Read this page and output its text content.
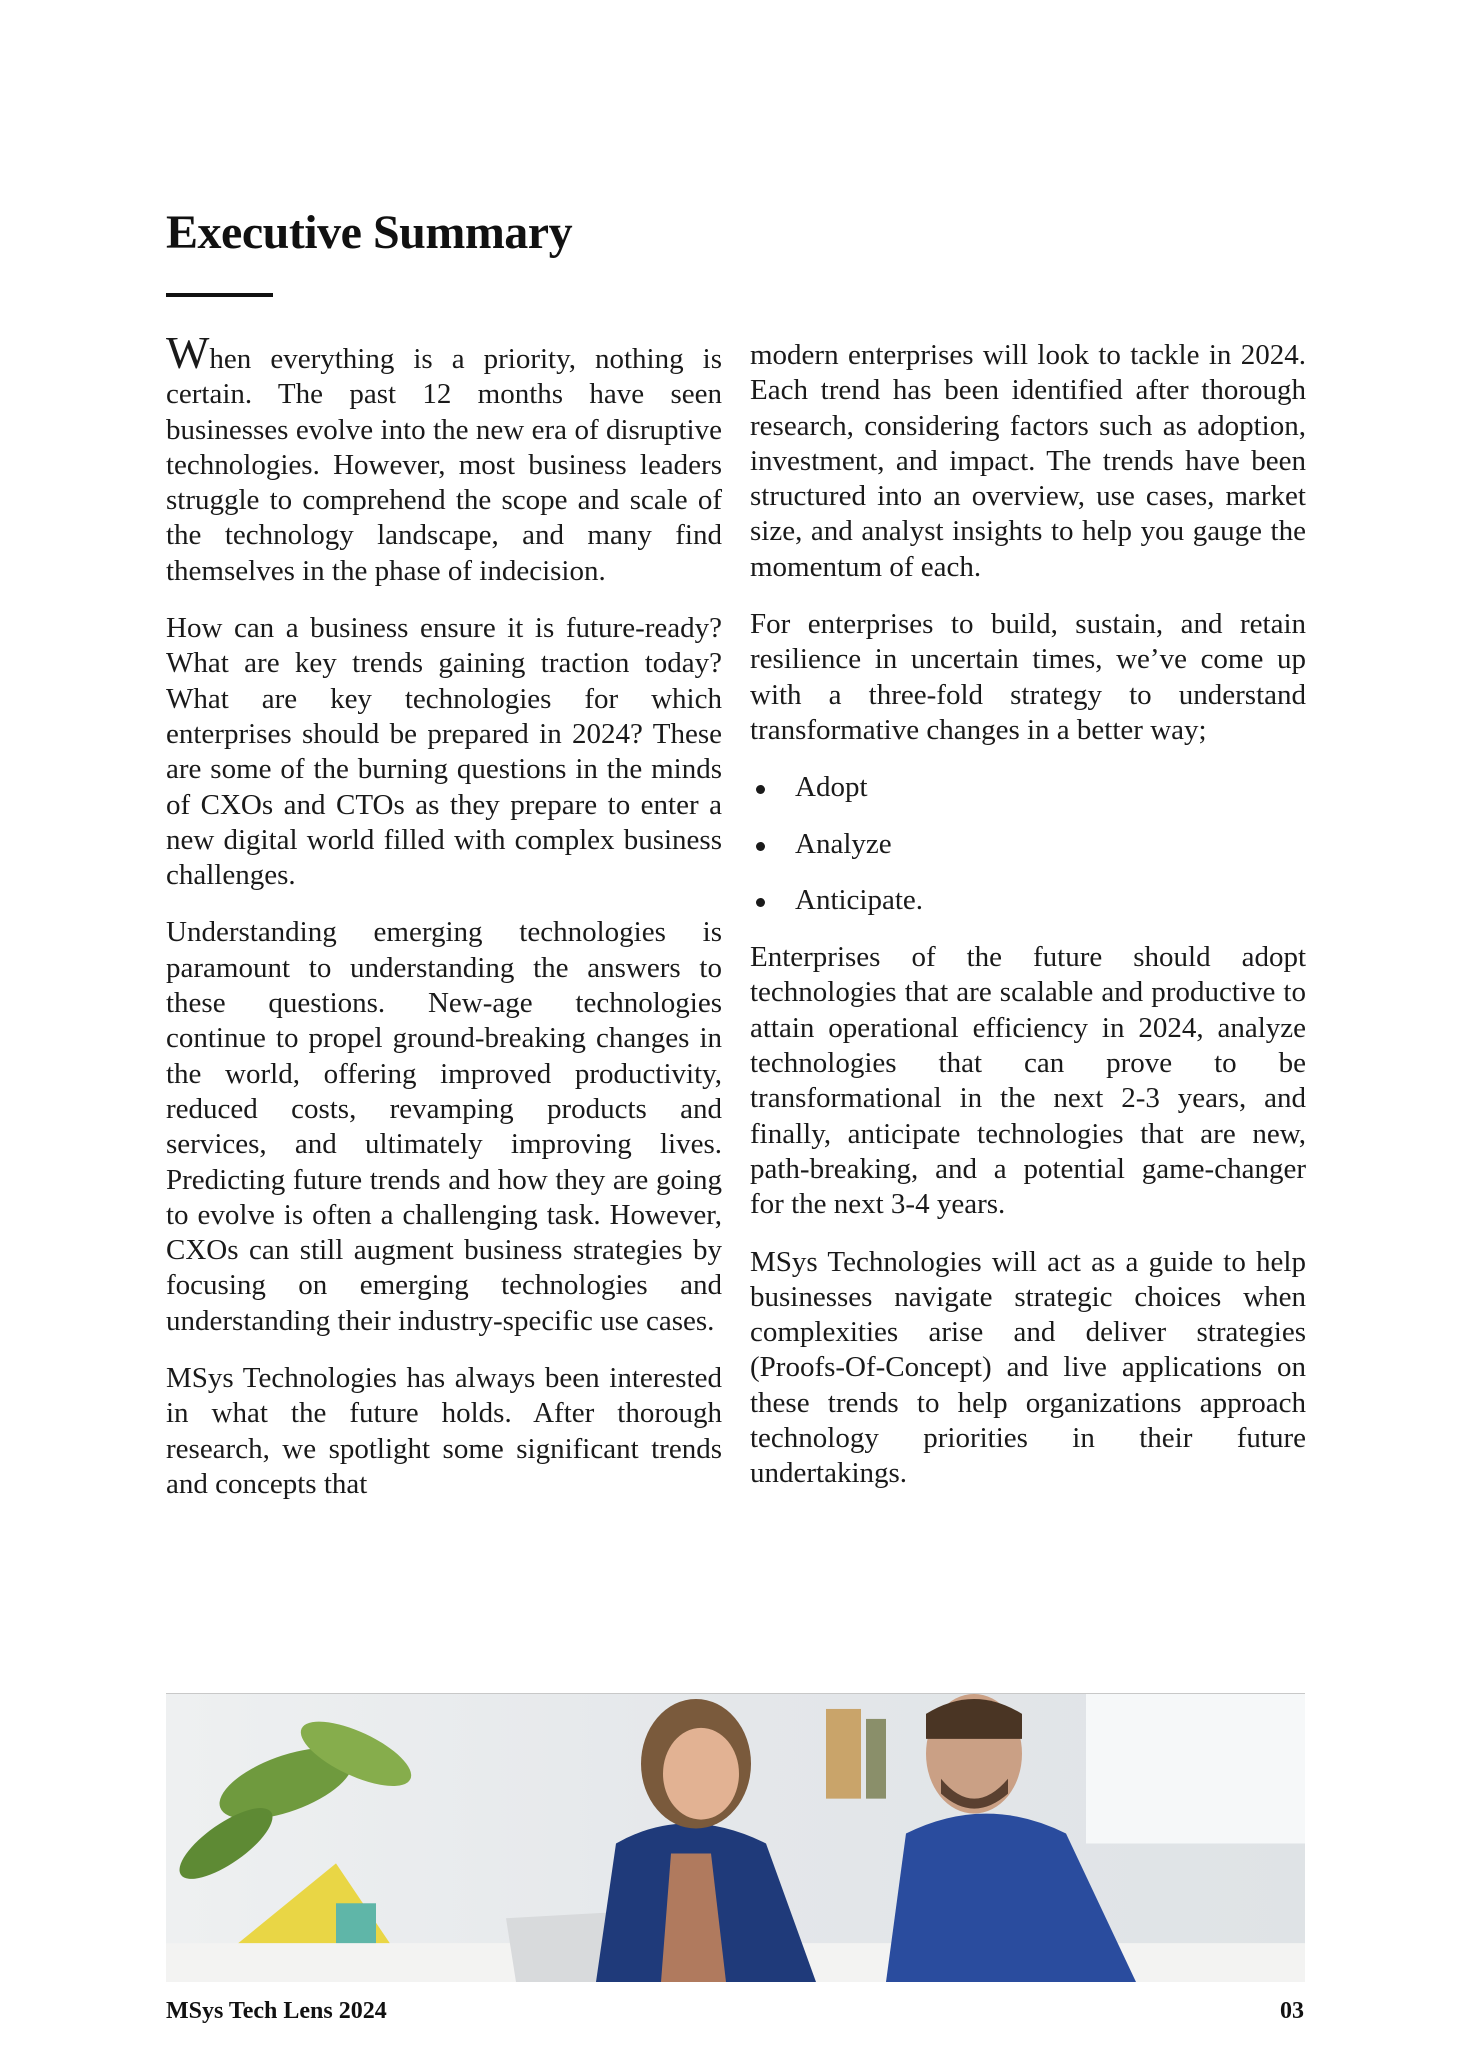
Executive Summary

When everything is a priority, nothing is certain. The past 12 months have seen businesses evolve into the new era of disruptive technologies. However, most business leaders struggle to comprehend the scope and scale of the technology landscape, and many find themselves in the phase of indecision.

How can a business ensure it is future-ready? What are key trends gaining traction today? What are key technologies for which enterprises should be prepared in 2024? These are some of the burning questions in the minds of CXOs and CTOs as they prepare to enter a new digital world filled with complex business challenges.

Understanding emerging technologies is paramount to understanding the answers to these questions. New-age technologies continue to propel ground-breaking changes in the world, offering improved productivity, reduced costs, revamping products and services, and ultimately improving lives. Predicting future trends and how they are going to evolve is often a challenging task. However, CXOs can still augment business strategies by focusing on emerging technologies and understanding their industry-specific use cases.

MSys Technologies has always been interested in what the future holds. After thorough research, we spotlight some significant trends and concepts that

modern enterprises will look to tackle in 2024. Each trend has been identified after thorough research, considering factors such as adoption, investment, and impact. The trends have been structured into an overview, use cases, market size, and analyst insights to help you gauge the momentum of each.

For enterprises to build, sustain, and retain resilience in uncertain times, we’ve come up with a three-fold strategy to understand transformative changes in a better way;

Adopt
Analyze
Anticipate.

Enterprises of the future should adopt technologies that are scalable and productive to attain operational efficiency in 2024, analyze technologies that can prove to be transformational in the next 2-3 years, and finally, anticipate technologies that are new, path-breaking, and a potential game-changer for the next 3-4 years.

MSys Technologies will act as a guide to help businesses navigate strategic choices when complexities arise and deliver strategies (Proofs-Of-Concept) and live applications on these trends to help organizations approach technology priorities in their future undertakings.

MSys Tech Lens 2024	03
